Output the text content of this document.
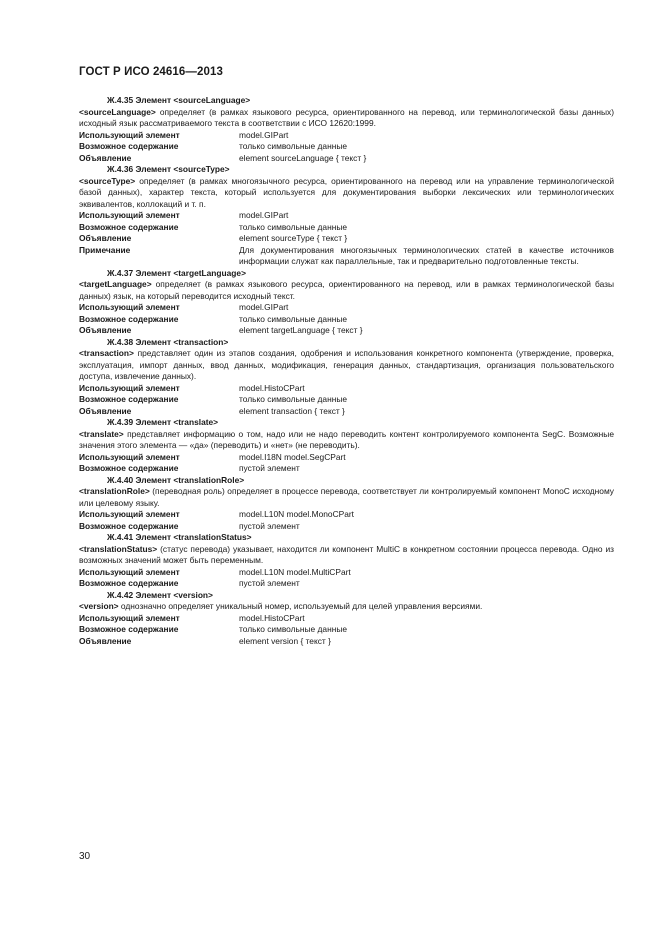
ГОСТ Р ИСО 24616—2013
Ж.4.35 Элемент <sourceLanguage>
<sourceLanguage> определяет (в рамках языкового ресурса, ориентированного на перевод, или терминологической базы данных) исходный язык рассматриваемого текста в соответствии с ИСО 12620:1999.
Использующий элемент	model.GIPart
Возможное содержание	только символьные данные
Объявление	element sourceLanguage { текст }
Ж.4.36 Элемент <sourceType>
<sourceType> определяет (в рамках многоязычного ресурса, ориентированного на перевод или на управление терминологической базой данных), характер текста, который используется для документирования выборки лексических или терминологических эквивалентов, коллокаций и т. п.
Использующий элемент	model.GIPart
Возможное содержание	только символьные данные
Объявление	element sourceType { текст }
Примечание	Для документирования многоязычных терминологических статей в качестве источников информации служат как параллельные, так и предварительно подготовленные тексты.
Ж.4.37 Элемент <targetLanguage>
<targetLanguage> определяет (в рамках языкового ресурса, ориентированного на перевод, или в рамках терминологической базы данных) язык, на который переводится исходный текст.
Использующий элемент	model.GIPart
Возможное содержание	только символьные данные
Объявление	element targetLanguage { текст }
Ж.4.38 Элемент <transaction>
<transaction> представляет один из этапов создания, одобрения и использования конкретного компонента (утверждение, проверка, эксплуатация, импорт данных, ввод данных, модификация, генерация данных, стандартизация, организация пользовательского доступа, извлечение данных).
Использующий элемент	model.HistoCPart
Возможное содержание	только символьные данные
Объявление	element transaction { текст }
Ж.4.39 Элемент <translate>
<translate> представляет информацию о том, надо или не надо переводить контент контролируемого компонента SegC. Возможные значения этого элемента — «да» (переводить) и «нет» (не переводить).
Использующий элемент	model.I18N model.SegCPart
Возможное содержание	пустой элемент
Ж.4.40 Элемент <translationRole>
<translationRole> (переводная роль) определяет в процессе перевода, соответствует ли контролируемый компонент MonoC исходному или целевому языку.
Использующий элемент	model.L10N model.MonoCPart
Возможное содержание	пустой элемент
Ж.4.41 Элемент <translationStatus>
<translationStatus> (статус перевода) указывает, находится ли компонент MultiC в конкретном состоянии процесса перевода. Одно из возможных значений может быть переменным.
Использующий элемент	model.L10N model.MultiCPart
Возможное содержание	пустой элемент
Ж.4.42 Элемент <version>
<version> однозначно определяет уникальный номер, используемый для целей управления версиями.
Использующий элемент	model.HistoCPart
Возможное содержание	только символьные данные
Объявление	element version { текст }
30
